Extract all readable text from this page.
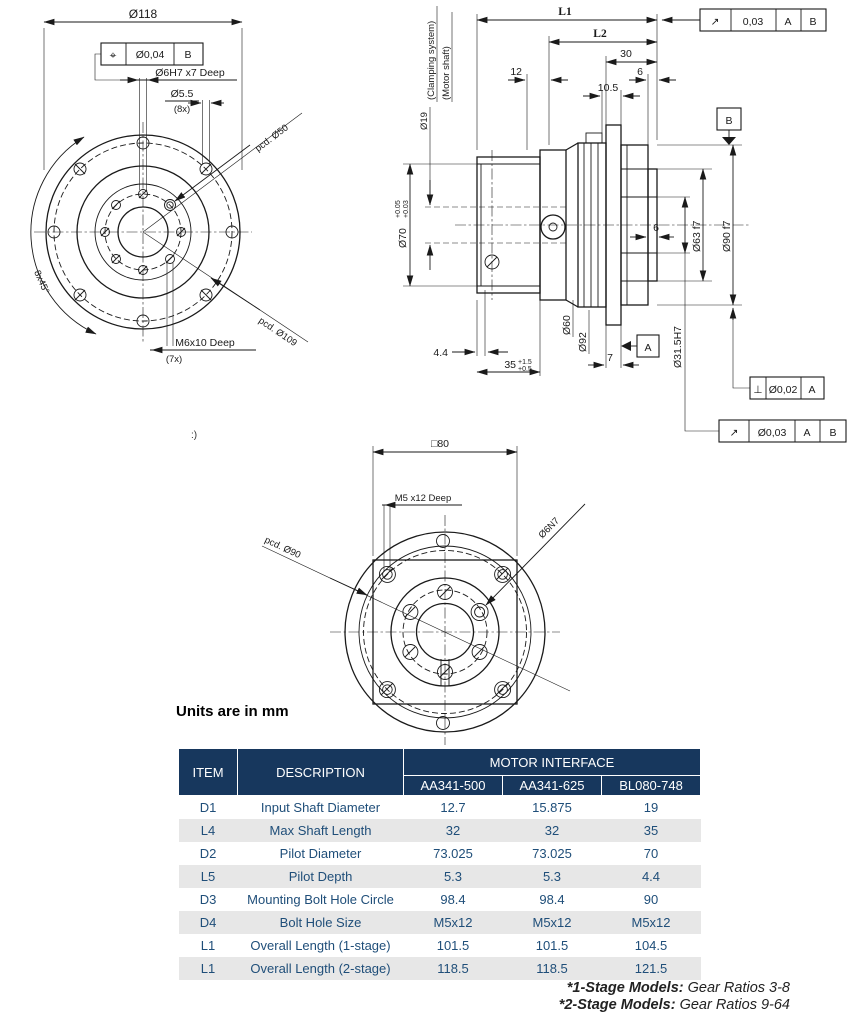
Ø118
⌖ Ø0,04 B
Ø6H7 x7 Deep
Ø5.5
(8x)
pcd. Ø50
pcd. Ø109
M6x10 Deep
(7x)
8x45°
(Clamping system) (Motor shaft)
Ø19
Ø70
+0.05 +0.03
L1
L2
30
12	6
10.5
↗ 0,03 A B
B
Ø63 f7 Ø90 f7
6
Ø31.5H7
4.4
35 +1.5
+0.5
Ø60
Ø92
7
A
⊥ Ø0,02 A
↗ Ø0,03 A B
□80
M5 x12 Deep
Ø6N7
pcd. Ø90
:)
Units are in mm
ITEM	DESCRIPTION	MOTOR INTERFACE		
		AA341-500	AA341-625	BL080-748
D1	Input Shaft Diameter	12.7	15.875	19
L4	Max Shaft Length	32	32	35
D2	Pilot Diameter	73.025	73.025	70
L5	Pilot Depth	5.3	5.3	4.4
D3	Mounting Bolt Hole Circle	98.4	98.4	90
D4	Bolt Hole Size	M5x12	M5x12	M5x12
L1	Overall Length (1-stage)	101.5	101.5	104.5
L1	Overall Length (2-stage)	118.5	118.5	121.5
*1-Stage Models: Gear Ratios 3-8
*2-Stage Models: Gear Ratios 9-64
